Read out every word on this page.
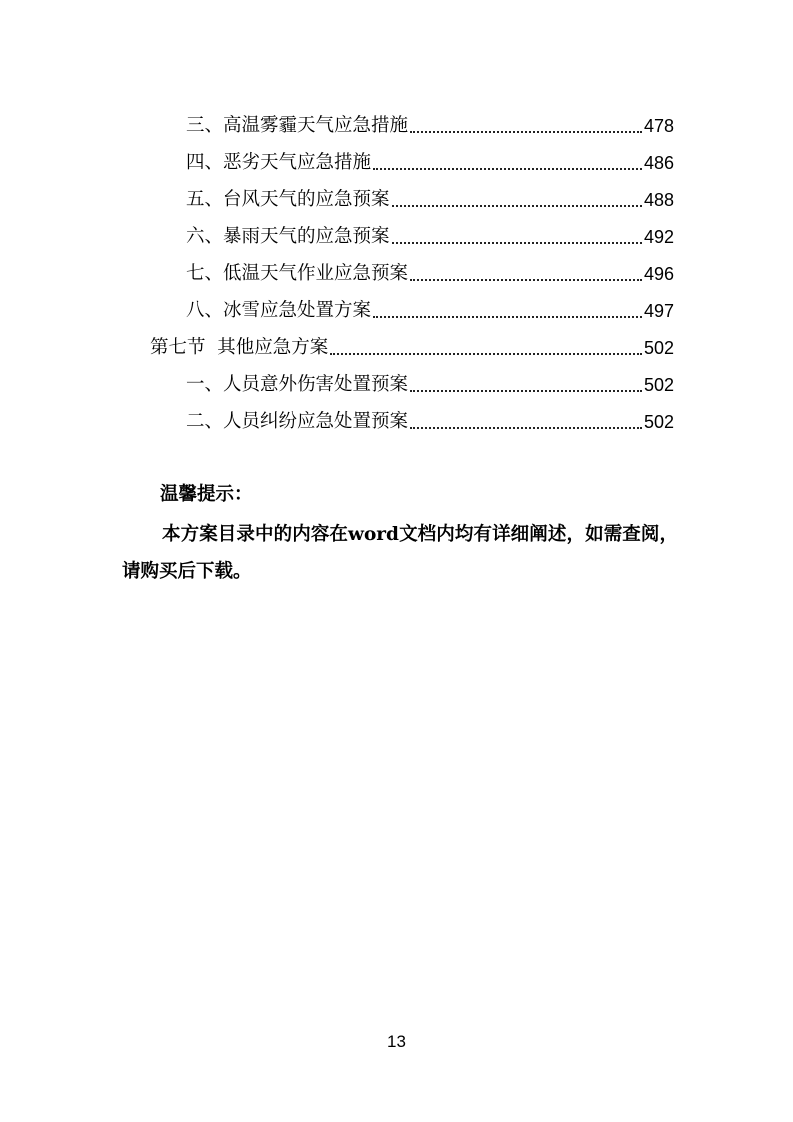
三、高温雾霾天气应急措施	478
四、恶劣天气应急措施	486
五、台风天气的应急预案	488
六、暴雨天气的应急预案	492
七、低温天气作业应急预案	496
八、冰雪应急处置方案	497
第七节  其他应急方案	502
一、人员意外伤害处置预案	502
二、人员纠纷应急处置预案	502
温馨提示：
本方案目录中的内容在word文档内均有详细阐述，如需查阅，请购买后下载。
13
